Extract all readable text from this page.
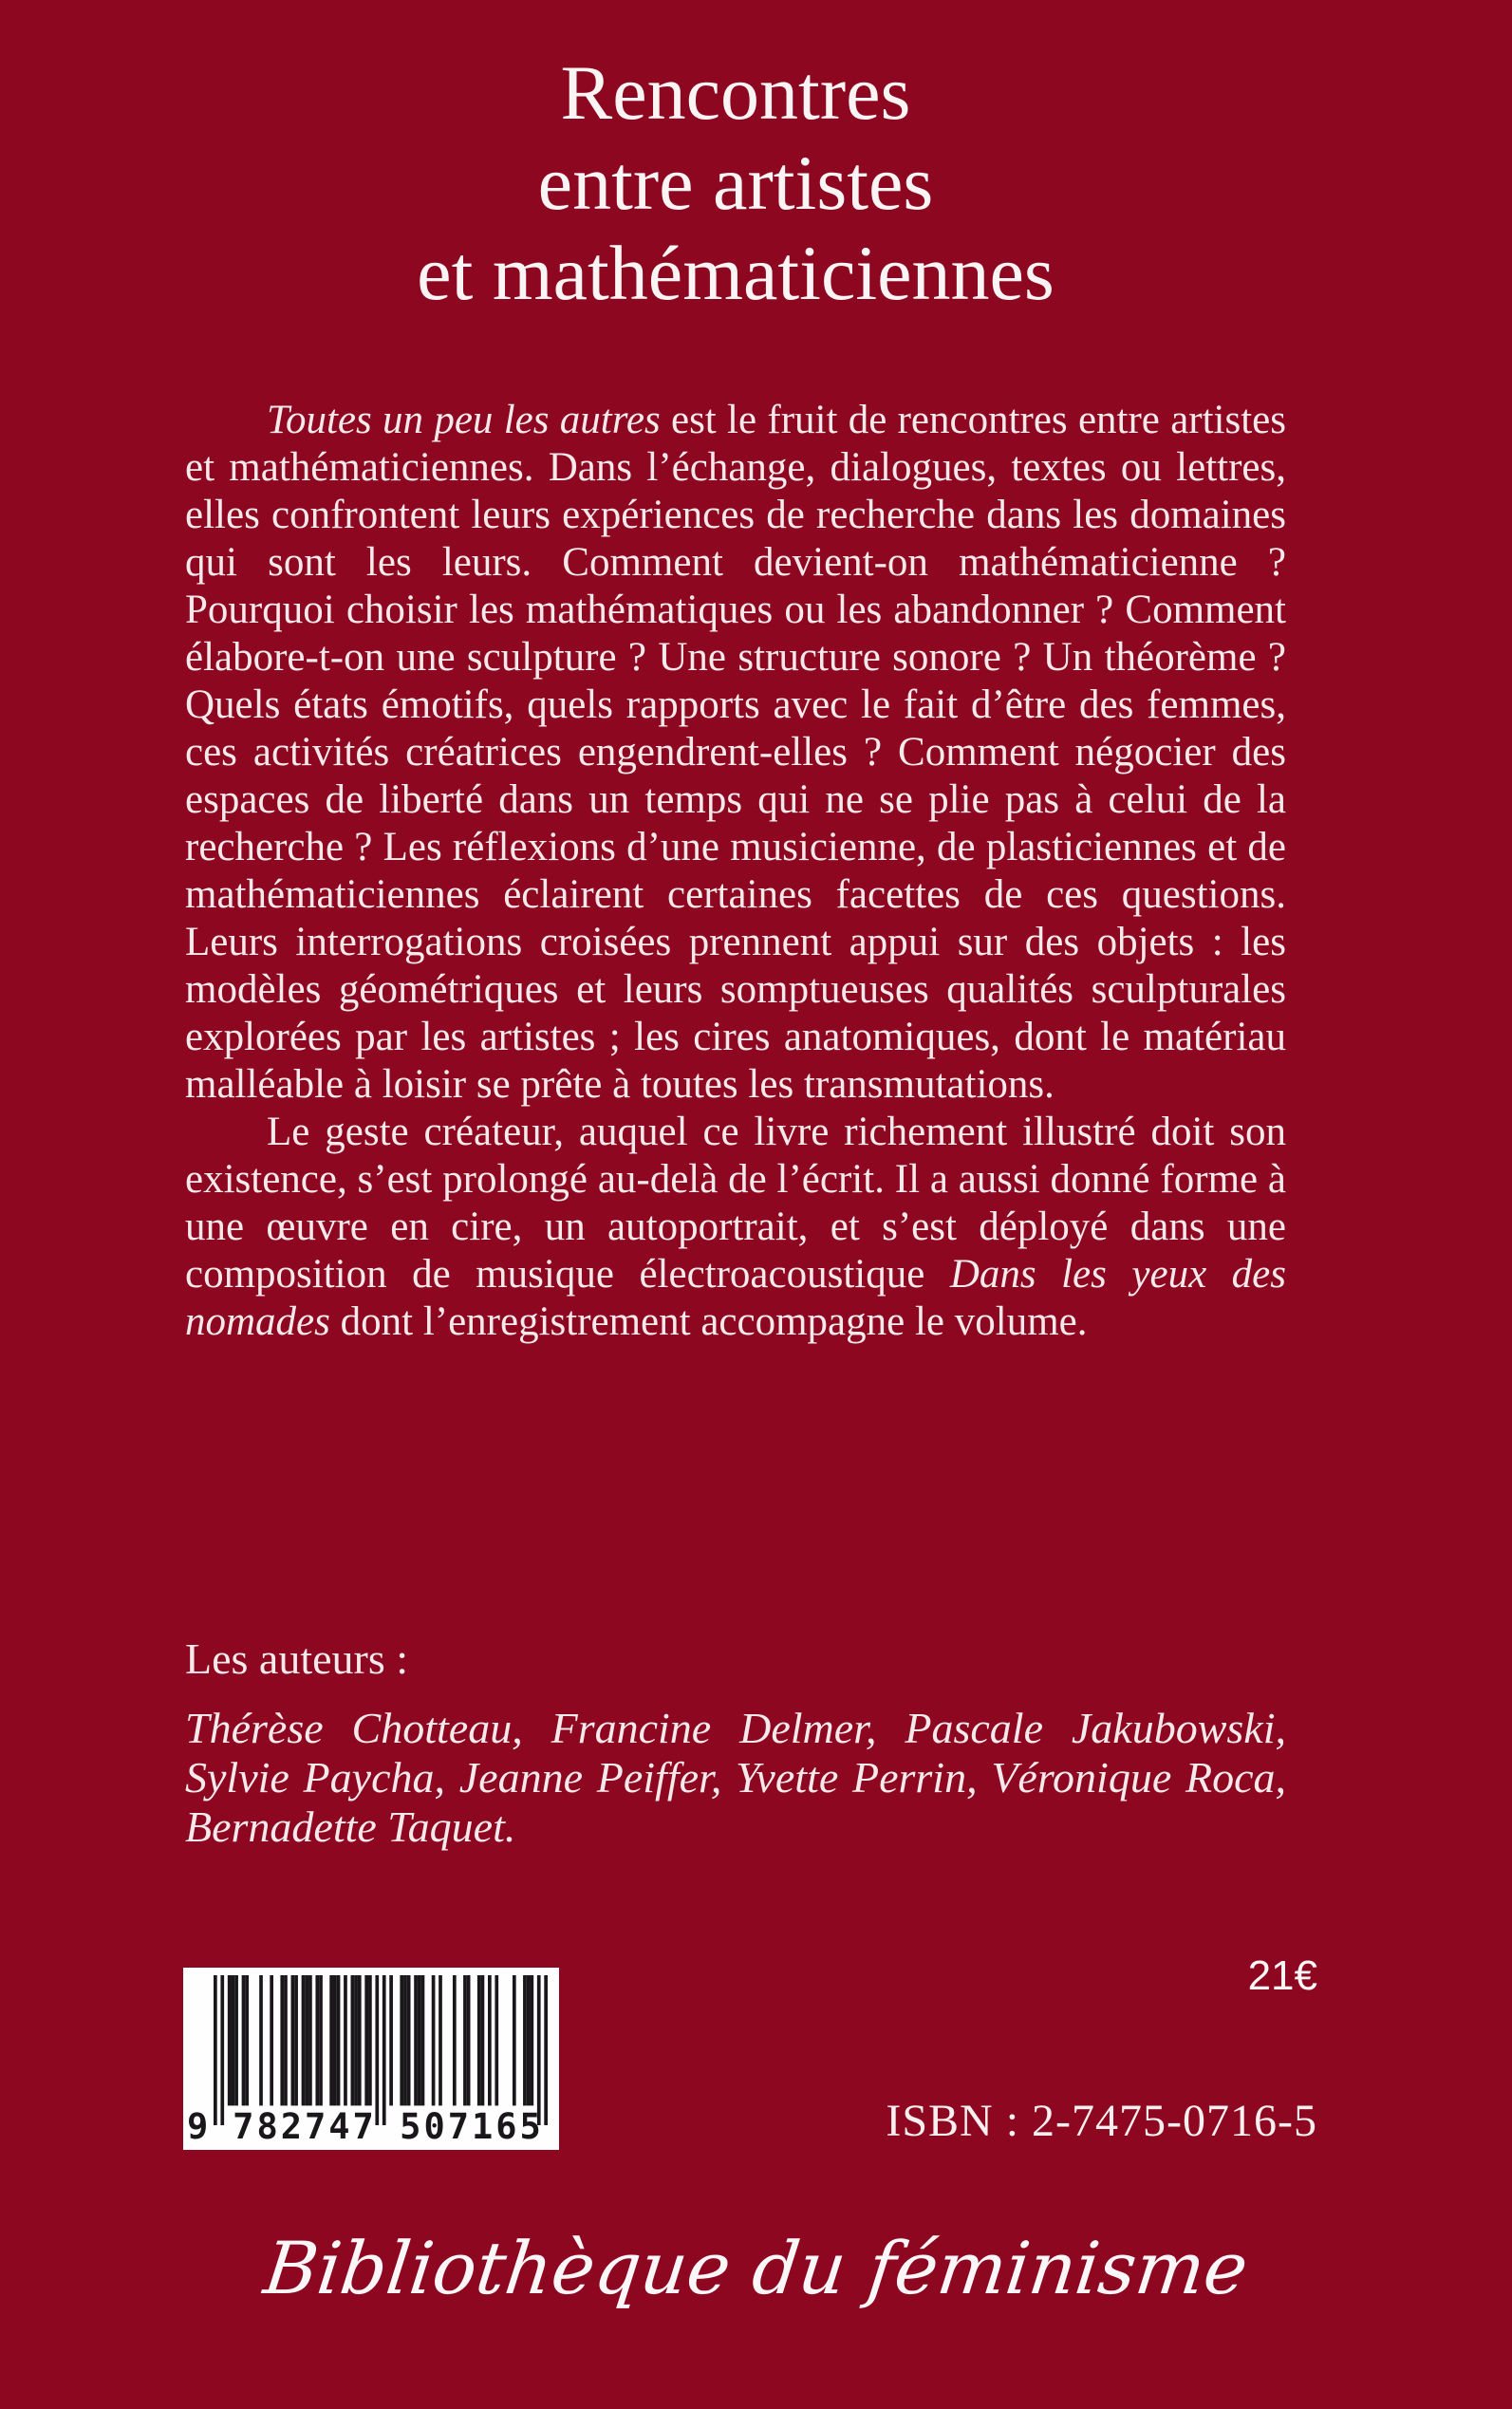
Rencontres
entre artistes
et mathématiciennes

Toutes un peu les autres est le fruit de rencontres entre artistes et mathématiciennes. Dans l’échange, dialogues, textes ou lettres, elles confrontent leurs expériences de recherche dans les domaines qui sont les leurs. Comment devient-on mathématicienne ? Pourquoi choisir les mathématiques ou les abandonner ? Comment élabore-t-on une sculpture ? Une structure sonore ? Un théorème ? Quels états émotifs, quels rapports avec le fait d’être des femmes, ces activités créatrices engendrent-elles ? Comment négocier des espaces de liberté dans un temps qui ne se plie pas à celui de la recherche ? Les réflexions d’une musicienne, de plasticiennes et de mathématiciennes éclairent certaines facettes de ces questions. Leurs interrogations croisées prennent appui sur des objets : les modèles géométriques et leurs somptueuses qualités sculpturales explorées par les artistes ; les cires anatomiques, dont le matériau malléable à loisir se prête à toutes les transmutations.

Le geste créateur, auquel ce livre richement illustré doit son existence, s’est prolongé au-delà de l’écrit. Il a aussi donné forme à une œuvre en cire, un autoportrait, et s’est déployé dans une composition de musique électroacoustique Dans les yeux des nomades dont l’enregistrement accompagne le volume.

Les auteurs :
Thérèse Chotteau, Francine Delmer, Pascale Jakubowski, Sylvie Paycha, Jeanne Peiffer, Yvette Perrin, Véronique Roca, Bernadette Taquet.
9 782747 507165
21€
ISBN : 2-7475-0716-5
Bibliothèque du féminisme
